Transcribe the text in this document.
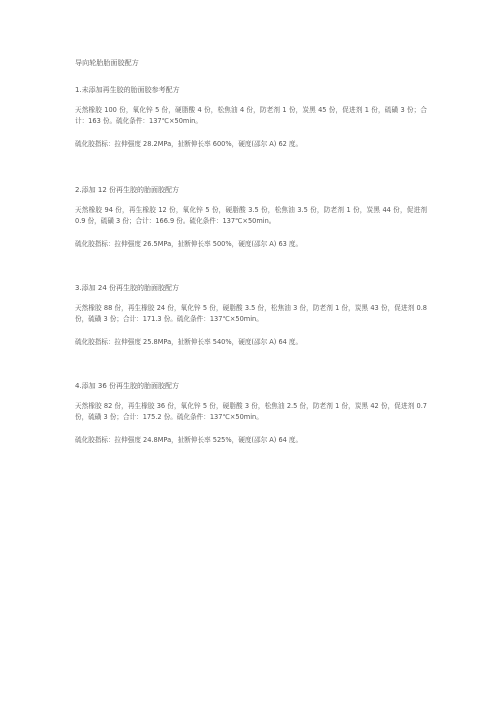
导向轮胎胎面胶配方
1.未添加再生胶的胎面胶参考配方

天然橡胶 100 份，氧化锌 5 份，硬脂酸 4 份，松焦油 4 份，防老剂 1 份，炭黑 45 份，促进剂 1 份，硫磺 3 份；合计：163 份。硫化条件：137℃×50min。

硫化胶指标：拉伸强度 28.2MPa，扯断伸长率 600%，硬度(邵尔 A) 62 度。

2.添加 12 份再生胶的胎面胶配方

天然橡胶 94 份，再生橡胶 12 份，氧化锌 5 份，硬脂酸 3.5 份，松焦油 3.5 份，防老剂 1 份，炭黑 44 份，促进剂 0.9 份，硫磺 3 份；合计：166.9 份。硫化条件：137℃×50min。

硫化胶指标：拉伸强度 26.5MPa，扯断伸长率 500%，硬度(邵尔 A) 63 度。

3.添加 24 份再生胶的胎面胶配方

天然橡胶 88 份，再生橡胶 24 份，氧化锌 5 份，硬脂酸 3.5 份，松焦油 3 份，防老剂 1 份，炭黑 43 份，促进剂 0.8 份，硫磺 3 份；合计：171.3 份。硫化条件：137℃×50min。

硫化胶指标：拉伸强度 25.8MPa，扯断伸长率 540%，硬度(邵尔 A) 64 度。

4.添加 36 份再生胶的胎面胶配方

天然橡胶 82 份，再生橡胶 36 份，氧化锌 5 份，硬脂酸 3 份，松焦油 2.5 份，防老剂 1 份，炭黑 42 份，促进剂 0.7 份，硫磺 3 份；合计：175.2 份。硫化条件：137℃×50min。

硫化胶指标：拉伸强度 24.8MPa，扯断伸长率 525%，硬度(邵尔 A) 64 度。
